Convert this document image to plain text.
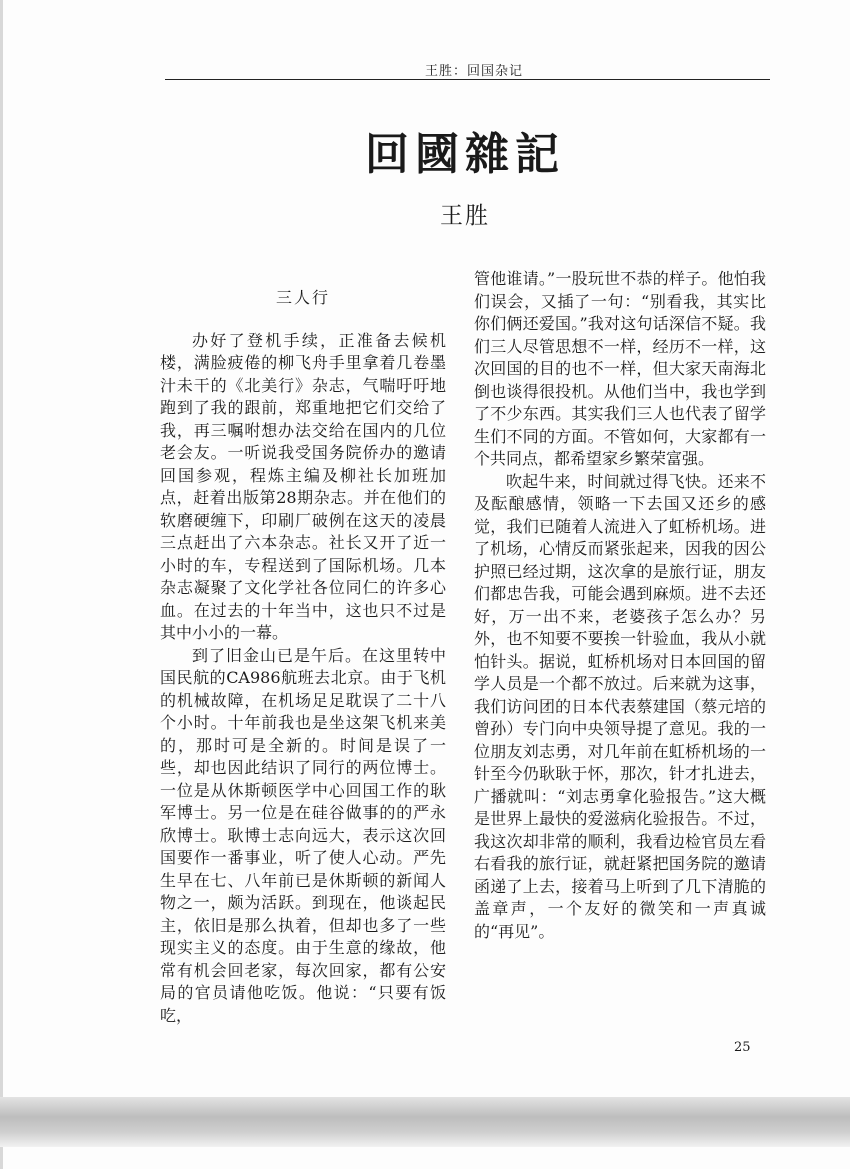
王胜：回国杂记
回國雜記
王胜
三人行

办好了登机手续，正准备去候机楼，满脸疲倦的柳飞舟手里拿着几卷墨汁未干的《北美行》杂志，气喘吁吁地跑到了我的跟前，郑重地把它们交给了我，再三嘱咐想办法交给在国内的几位老会友。一听说我受国务院侨办的邀请回国参观，程炼主编及柳社长加班加点，赶着出版第28期杂志。并在他们的软磨硬缠下，印刷厂破例在这天的凌晨三点赶出了六本杂志。社长又开了近一小时的车，专程送到了国际机场。几本杂志凝聚了文化学社各位同仁的许多心血。在过去的十年当中，这也只不过是其中小小的一幕。

到了旧金山已是午后。在这里转中国民航的CA986航班去北京。由于飞机的机械故障，在机场足足耽误了二十八个小时。十年前我也是坐这架飞机来美的，那时可是全新的。时间是误了一些，却也因此结识了同行的两位博士。一位是从休斯顿医学中心回国工作的耿军博士。另一位是在硅谷做事的的严永欣博士。耿博士志向远大，表示这次回国要作一番事业，听了使人心动。严先生早在七、八年前已是休斯顿的新闻人物之一，颇为活跃。到现在，他谈起民主，依旧是那么执着，但却也多了一些现实主义的态度。由于生意的缘故，他常有机会回老家，每次回家，都有公安局的官员请他吃饭。他说：“只要有饭吃，

管他谁请。”一股玩世不恭的样子。他怕我们误会，又插了一句：“别看我，其实比你们俩还爱国。”我对这句话深信不疑。我们三人尽管思想不一样，经历不一样，这次回国的目的也不一样，但大家天南海北倒也谈得很投机。从他们当中，我也学到了不少东西。其实我们三人也代表了留学生们不同的方面。不管如何，大家都有一个共同点，都希望家乡繁荣富强。

吹起牛来，时间就过得飞快。还来不及酝酿感情，领略一下去国又还乡的感觉，我们已随着人流进入了虹桥机场。进了机场，心情反而紧张起来，因我的因公护照已经过期，这次拿的是旅行证，朋友们都忠告我，可能会遇到麻烦。进不去还好，万一出不来，老婆孩子怎么办？另外，也不知要不要挨一针验血，我从小就怕针头。据说，虹桥机场对日本回国的留学人员是一个都不放过。后来就为这事，我们访问团的日本代表蔡建国（蔡元培的曾孙）专门向中央领导提了意见。我的一位朋友刘志勇，对几年前在虹桥机场的一针至今仍耿耿于怀，那次，针才扎进去，广播就叫：“刘志勇拿化验报告。”这大概是世界上最快的爱滋病化验报告。不过，我这次却非常的顺利，我看边检官员左看右看我的旅行证，就赶紧把国务院的邀请函递了上去，接着马上听到了几下清脆的盖章声，一个友好的微笑和一声真诚的“再见”。

25
